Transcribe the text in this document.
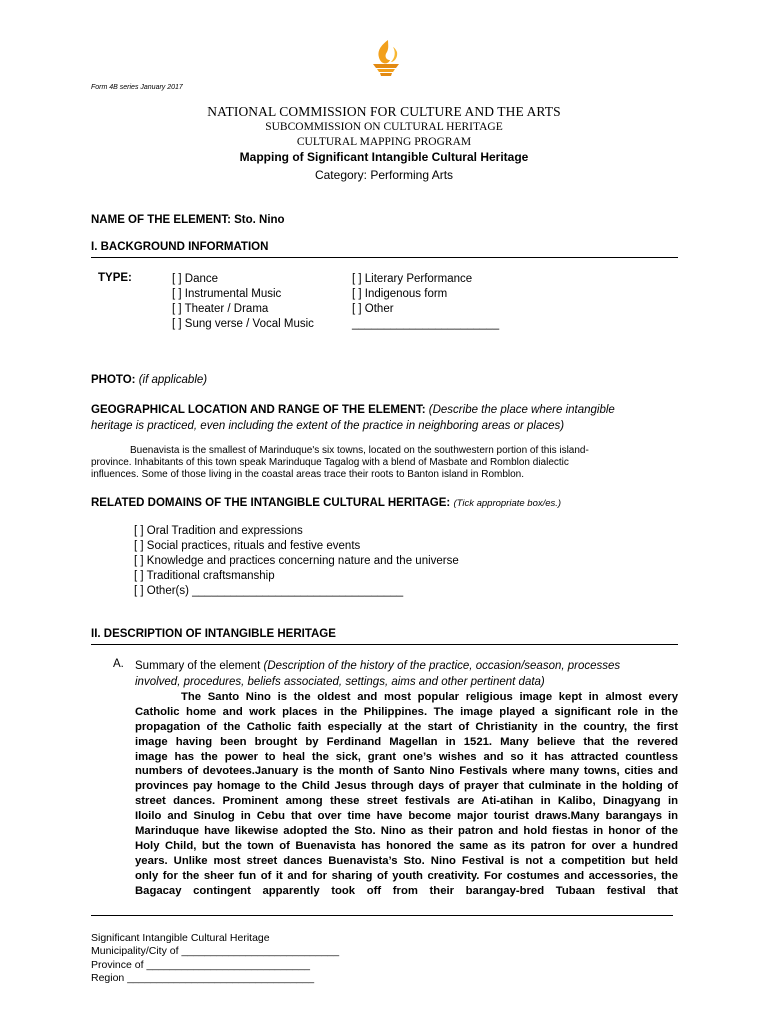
Form 4B series January 2017
NATIONAL COMMISSION FOR CULTURE AND THE ARTS
SUBCOMMISSION ON CULTURAL HERITAGE
CULTURAL MAPPING PROGRAM
Mapping of Significant Intangible Cultural Heritage
Category: Performing Arts
NAME OF THE ELEMENT: Sto. Nino
I. BACKGROUND INFORMATION
TYPE:	[ ] Dance
[ ] Instrumental Music
[ ] Theater / Drama
[ ] Sung verse / Vocal Music
[ ] Literary Performance
[ ] Indigenous form
[ ] Other
_______________________
PHOTO: (if applicable)
GEOGRAPHICAL LOCATION AND RANGE OF THE ELEMENT: (Describe the place where intangible
heritage is practiced, even including the extent of the practice in neighboring areas or places)
Buenavista is the smallest of Marinduque's six towns, located on the southwestern portion of this island-
province. Inhabitants of this town speak Marinduque Tagalog with a blend of Masbate and Romblon dialectic
influences. Some of those living in the coastal areas trace their roots to Banton island in Romblon.
RELATED DOMAINS OF THE INTANGIBLE CULTURAL HERITAGE: (Tick appropriate box/es.)
[ ] Oral Tradition and expressions
[ ] Social practices, rituals and festive events
[ ] Knowledge and practices concerning nature and the universe
[ ] Traditional craftsmanship
[ ] Other(s) _________________________________
II. DESCRIPTION OF INTANGIBLE HERITAGE
A. Summary of the element (Description of the history of the practice, occasion/season, processes
involved, procedures, beliefs associated, settings, aims and other pertinent data)
The Santo Nino is the oldest and most popular religious image kept in almost every
Catholic home and work places in the Philippines. The image played a significant role in the
propagation of the Catholic faith especially at the start of Christianity in the country, the first
image having been brought by Ferdinand Magellan in 1521. Many believe that the revered
image has the power to heal the sick, grant one’s wishes and so it has attracted countless
numbers of devotees.January is the month of Santo Nino Festivals where many towns, cities and
provinces pay homage to the Child Jesus through days of prayer that culminate in the holding of
street dances. Prominent among these street festivals are Ati-atihan in Kalibo, Dinagyang in
Iloilo and Sinulog in Cebu that over time have become major tourist draws.Many barangays in
Marinduque have likewise adopted the Sto. Nino as their patron and hold fiestas in honor of the
Holy Child, but the town of Buenavista has honored the same as its patron for over a hundred
years. Unlike most street dances Buenavista’s Sto. Nino Festival is not a competition but held
only for the sheer fun of it and for sharing of youth creativity. For costumes and accessories, the
Bagacay contingent apparently took off from their barangay-bred Tubaan festival that
Significant Intangible Cultural Heritage
Municipality/City of ___________________________
Province of ____________________________
Region ________________________________
